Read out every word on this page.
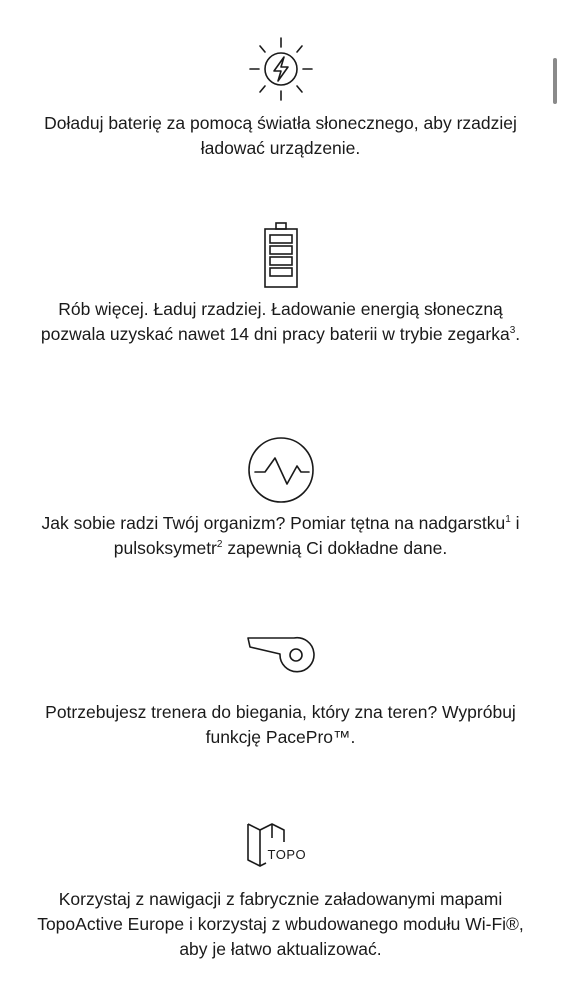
Doładuj baterię za pomocą światła słonecznego, aby rzadziej ładować urządzenie.
Rób więcej. Ładuj rzadziej. Ładowanie energią słoneczną pozwala uzyskać nawet 14 dni pracy baterii w trybie zegarka$^3$.
Jak sobie radzi Twój organizm? Pomiar tętna na nadgarstku$^1$ i pulsoksymetr$^2$ zapewnią Ci dokładne dane.
Potrzebujesz trenera do biegania, który zna teren? Wypróbuj funkcję PacePro™.
TOPO
Korzystaj z nawigacji z fabrycznie załadowanymi mapami TopoActive Europe i korzystaj z wbudowanego modułu Wi-Fi®, aby je łatwo aktualizować.
